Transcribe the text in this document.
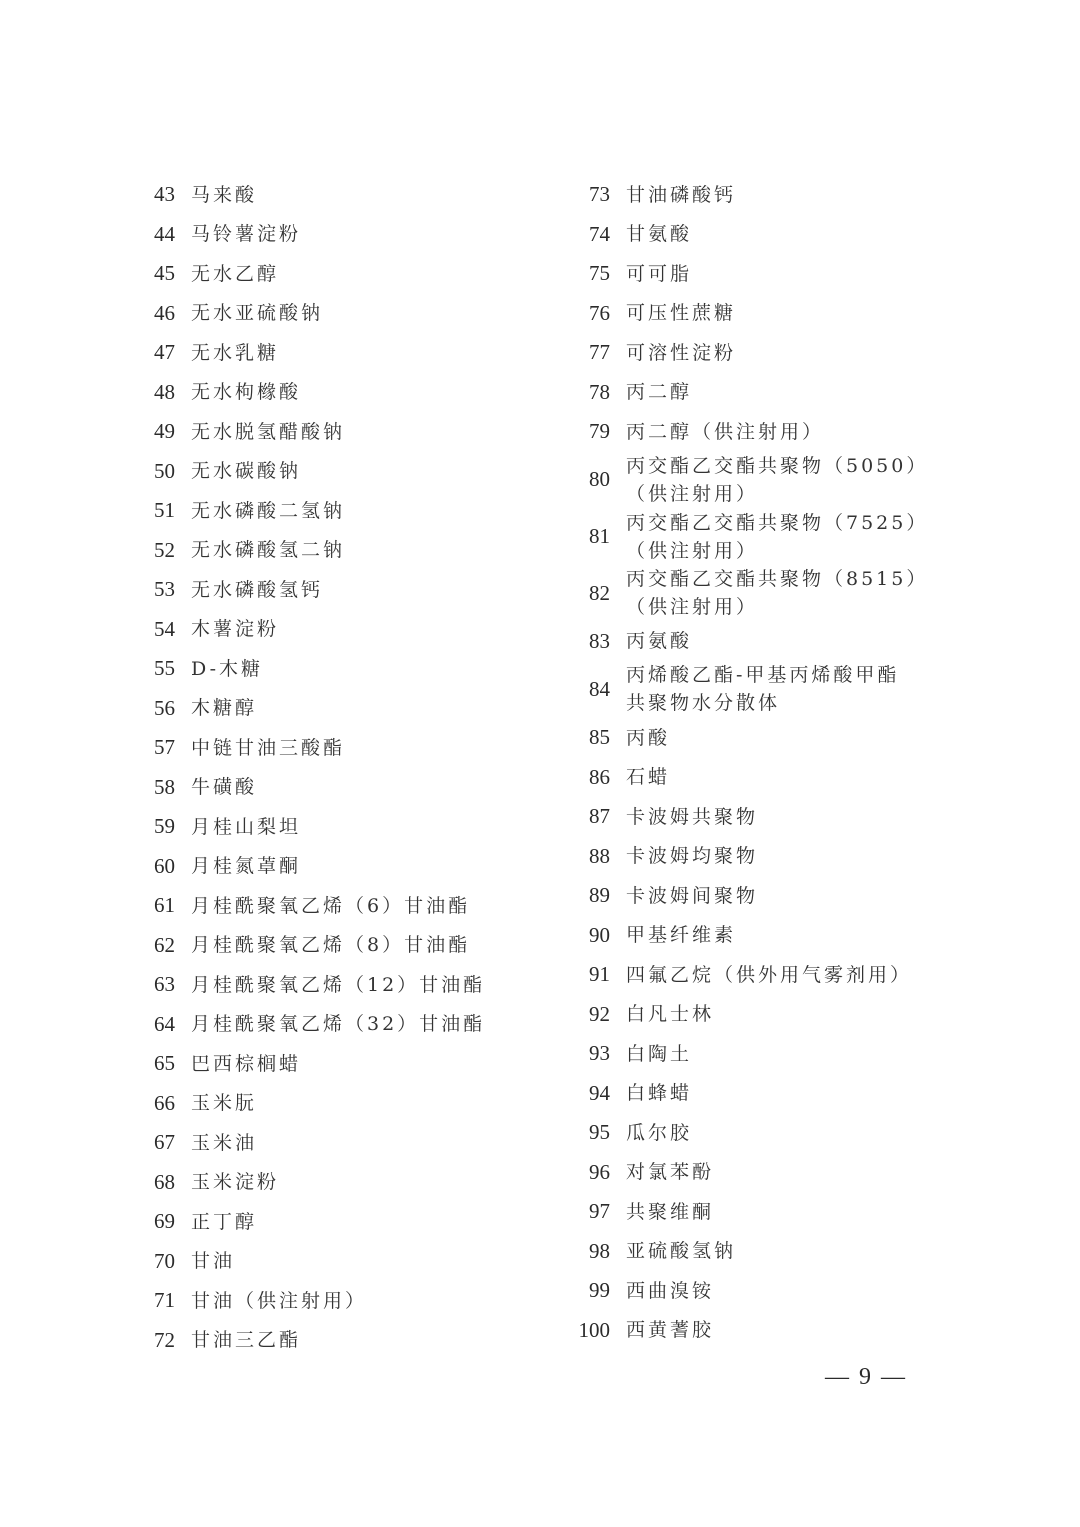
43 马来酸
44 马铃薯淀粉
45 无水乙醇
46 无水亚硫酸钠
47 无水乳糖
48 无水枸橼酸
49 无水脱氢醋酸钠
50 无水碳酸钠
51 无水磷酸二氢钠
52 无水磷酸氢二钠
53 无水磷酸氢钙
54 木薯淀粉
55 D-木糖
56 木糖醇
57 中链甘油三酸酯
58 牛磺酸
59 月桂山梨坦
60 月桂氮䓬酮
61 月桂酰聚氧乙烯（6）甘油酯
62 月桂酰聚氧乙烯（8）甘油酯
63 月桂酰聚氧乙烯（12）甘油酯
64 月桂酰聚氧乙烯（32）甘油酯
65 巴西棕榈蜡
66 玉米朊
67 玉米油
68 玉米淀粉
69 正丁醇
70 甘油
71 甘油（供注射用）
72 甘油三乙酯
73 甘油磷酸钙
74 甘氨酸
75 可可脂
76 可压性蔗糖
77 可溶性淀粉
78 丙二醇
79 丙二醇（供注射用）
80
丙交酯乙交酯共聚物（5050）（供注射用）
81
丙交酯乙交酯共聚物（7525）（供注射用）
82
丙交酯乙交酯共聚物（8515）（供注射用）
83 丙氨酸
84
丙烯酸乙酯-甲基丙烯酸甲酯共聚物水分散体
85 丙酸
86 石蜡
87 卡波姆共聚物
88 卡波姆均聚物
89 卡波姆间聚物
90 甲基纤维素
91 四氟乙烷（供外用气雾剂用）
92 白凡士林
93 白陶土
94 白蜂蜡
95 瓜尔胶
96 对氯苯酚
97 共聚维酮
98 亚硫酸氢钠
99 西曲溴铵
100 西黄蓍胶
— 9 —
